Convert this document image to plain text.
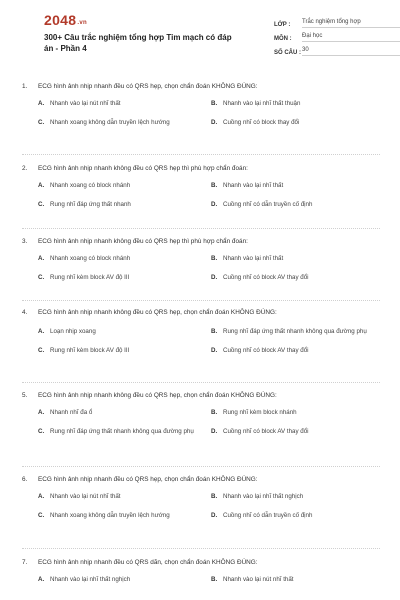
2048.vn
300+ Câu trắc nghiệm tổng hợp Tim mạch có đáp án - Phần 4
LỚP :	Trắc nghiệm tổng hợp
MÔN :	Đại học
SỐ CÂU : 30
1.	ECG hình ảnh nhịp nhanh đều có QRS hẹp, chọn chẩn đoán KHÔNG ĐÚNG:
A. Nhanh vào lại nút nhĩ thất	B. Nhanh vào lại nhĩ thất thuận
C. Nhanh xoang không dẫn truyền lệch hướng	D. Cuồng nhĩ có block thay đổi
2.	ECG hình ảnh nhịp nhanh không đều có QRS hẹp thì phù hợp chẩn đoán:
A. Nhanh xoang có block nhánh	B. Nhanh vào lại nhĩ thất
C. Rung nhĩ đáp ứng thất nhanh	D. Cuồng nhĩ có dẫn truyền cố định
3.	ECG hình ảnh nhịp nhanh không đều có QRS hẹp thì phù hợp chẩn đoán:
A. Nhanh xoang có block nhánh	B. Nhanh vào lại nhĩ thất
C. Rung nhĩ kèm block AV độ III	D. Cuồng nhĩ có block AV thay đổi
4.	ECG hình ảnh nhịp nhanh không đều có QRS hẹp, chọn chẩn đoán KHÔNG ĐÚNG:
A. Loạn nhịp xoang	B. Rung nhĩ đáp ứng thất nhanh không qua đường phụ
C. Rung nhĩ kèm block AV độ III	D. Cuồng nhĩ có block AV thay đổi
5.	ECG hình ảnh nhịp nhanh không đều có QRS hẹp, chọn chẩn đoán KHÔNG ĐÚNG:
A. Nhanh nhĩ đa ổ	B. Rung nhĩ kèm block nhánh
C. Rung nhĩ đáp ứng thất nhanh không qua đường phụ	D. Cuồng nhĩ có block AV thay đổi
6.	ECG hình ảnh nhịp nhanh đều có QRS hẹp, chọn chẩn đoán KHÔNG ĐÚNG:
A. Nhanh vào lại nút nhĩ thất	B. Nhanh vào lại nhĩ thất nghịch
C. Nhanh xoang không dẫn truyền lệch hướng	D. Cuồng nhĩ có dẫn truyền cố định
7.	ECG hình ảnh nhịp nhanh đều có QRS dãn, chọn chẩn đoán KHÔNG ĐÚNG:
A. Nhanh vào lại nhĩ thất nghịch	B. Nhanh vào lại nút nhĩ thất
